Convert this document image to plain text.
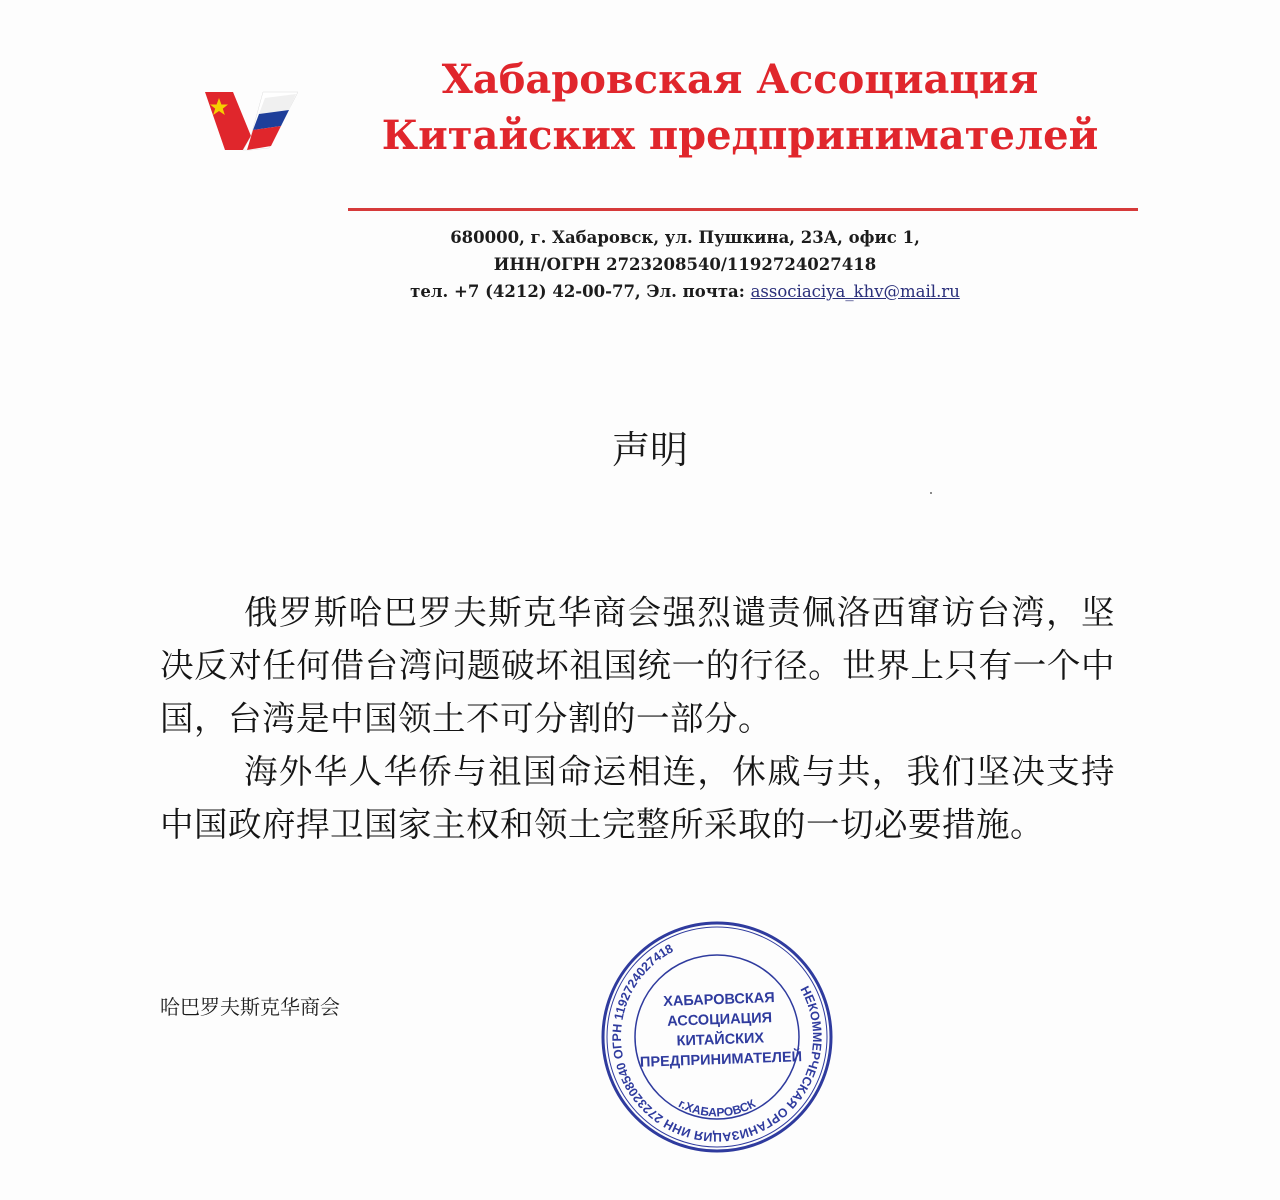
Хабаровская Ассоциация
Китайских предпринимателей
680000, г. Хабаровск, ул. Пушкина, 23А, офис 1,
ИНН/ОГРН 2723208540/1192724027418
тел. +7 (4212) 42-00-77, Эл. почта: associaciya_khv@mail.ru
声明

俄罗斯哈巴罗夫斯克华商会强烈谴责佩洛西窜访台湾，坚决反对任何借台湾问题破坏祖国统一的行径。世界上只有一个中国，台湾是中国领土不可分割的一部分。

海外华人华侨与祖国命运相连，休戚与共，我们坚决支持中国政府捍卫国家主权和领土完整所采取的一切必要措施。

哈巴罗夫斯克华商会
НЕКОММЕРЧЕСКАЯ ОРГАНИЗАЦИЯ ИНН 2723208540 ОГРН 1192724027418
г.ХАБАРОВСК
ХАБАРОВСКАЯ
АССОЦИАЦИЯ
КИТАЙСКИХ
ПРЕДПРИНИМАТЕЛЕЙ
